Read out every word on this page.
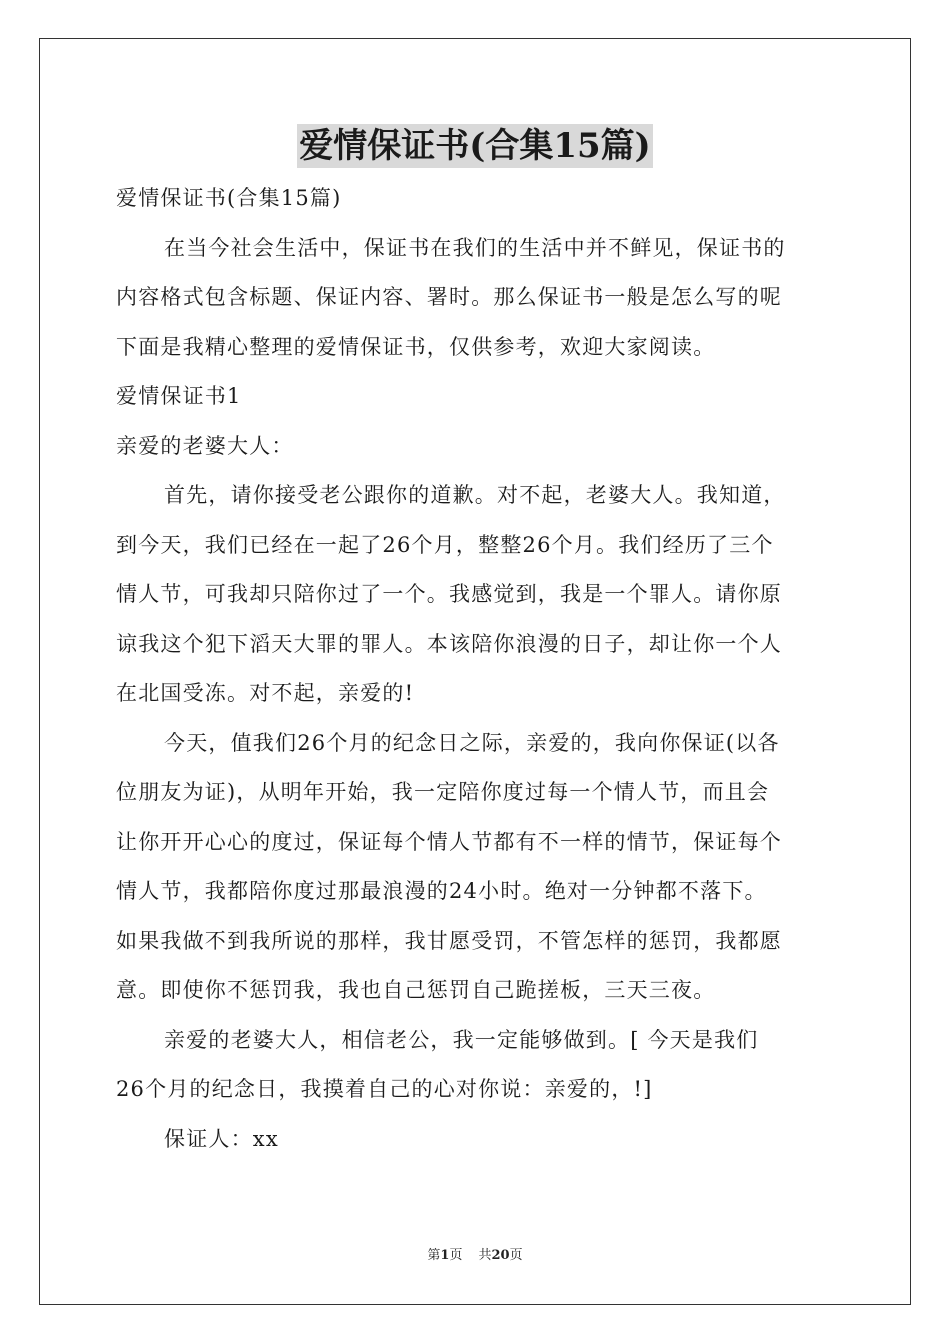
爱情保证书(合集15篇)
爱情保证书(合集15篇)
在当今社会生活中，保证书在我们的生活中并不鲜见，保证书的
内容格式包含标题、保证内容、署时。那么保证书一般是怎么写的呢
下面是我精心整理的爱情保证书，仅供参考，欢迎大家阅读。
爱情保证书1
亲爱的老婆大人：
首先，请你接受老公跟你的道歉。对不起，老婆大人。我知道，
到今天，我们已经在一起了26个月，整整26个月。我们经历了三个
情人节，可我却只陪你过了一个。我感觉到，我是一个罪人。请你原
谅我这个犯下滔天大罪的罪人。本该陪你浪漫的日子，却让你一个人
在北国受冻。对不起，亲爱的!
今天，值我们26个月的纪念日之际，亲爱的，我向你保证(以各
位朋友为证)，从明年开始，我一定陪你度过每一个情人节，而且会
让你开开心心的度过，保证每个情人节都有不一样的情节，保证每个
情人节，我都陪你度过那最浪漫的24小时。绝对一分钟都不落下。
如果我做不到我所说的那样，我甘愿受罚，不管怎样的惩罚，我都愿
意。即使你不惩罚我，我也自己惩罚自己跪搓板，三天三夜。
亲爱的老婆大人，相信老公，我一定能够做到。[ 今天是我们
26个月的纪念日，我摸着自己的心对你说：亲爱的，!]
保证人：xx
第1页 共20页
